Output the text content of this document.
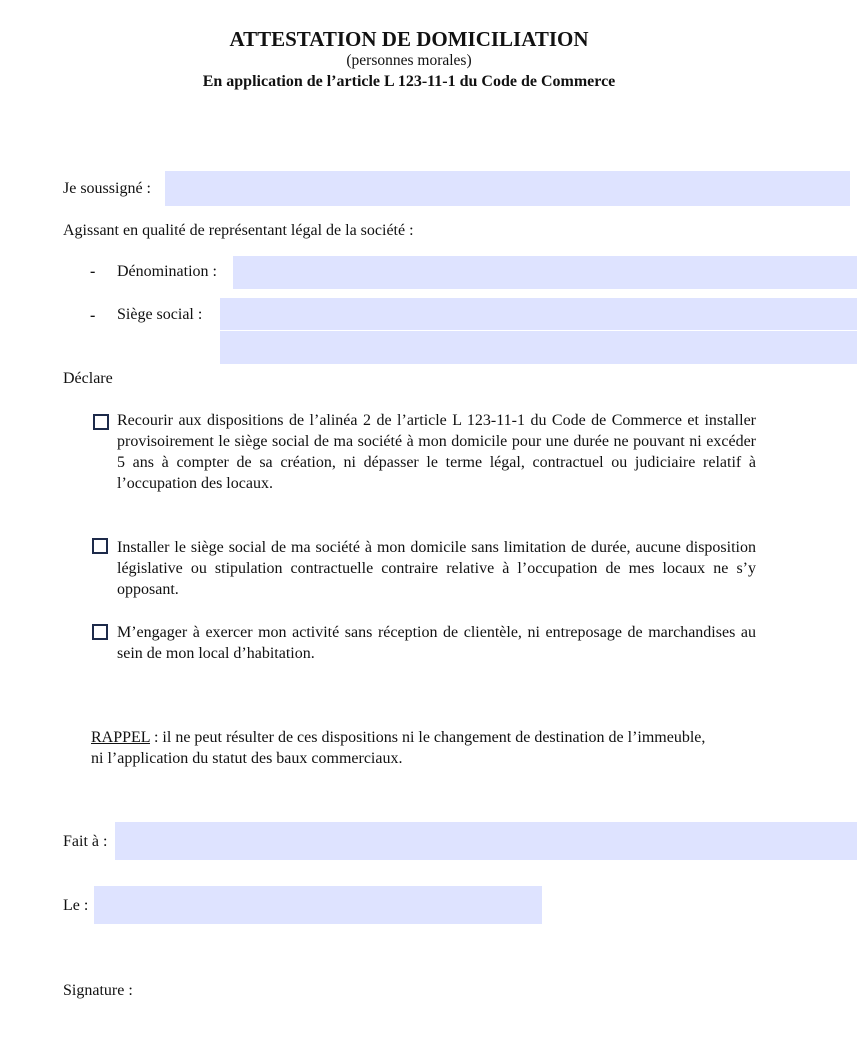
ATTESTATION DE DOMICILIATION
(personnes morales)
En application de l’article L 123-11-1 du Code de Commerce
Je soussigné :
Agissant en qualité de représentant légal de la société :
- Dénomination :
- Siège social :
Déclare
Recourir aux dispositions de l’alinéa 2 de l’article L 123-11-1 du Code de Commerce et installer provisoirement le siège social de ma société à mon domicile pour une durée ne pouvant ni excéder 5 ans à compter de sa création, ni dépasser le terme légal, contractuel ou judiciaire relatif à l’occupation des locaux.
Installer le siège social de ma société à mon domicile sans limitation de durée, aucune disposition législative ou stipulation contractuelle contraire relative à l’occupation de mes locaux ne s’y opposant.
M’engager à exercer mon activité sans réception de clientèle, ni entreposage de marchandises au sein de mon local d’habitation.
RAPPEL : il ne peut résulter de ces dispositions ni le changement de destination de l’immeuble, ni l’application du statut des baux commerciaux.
Fait à :
Le :
Signature :
